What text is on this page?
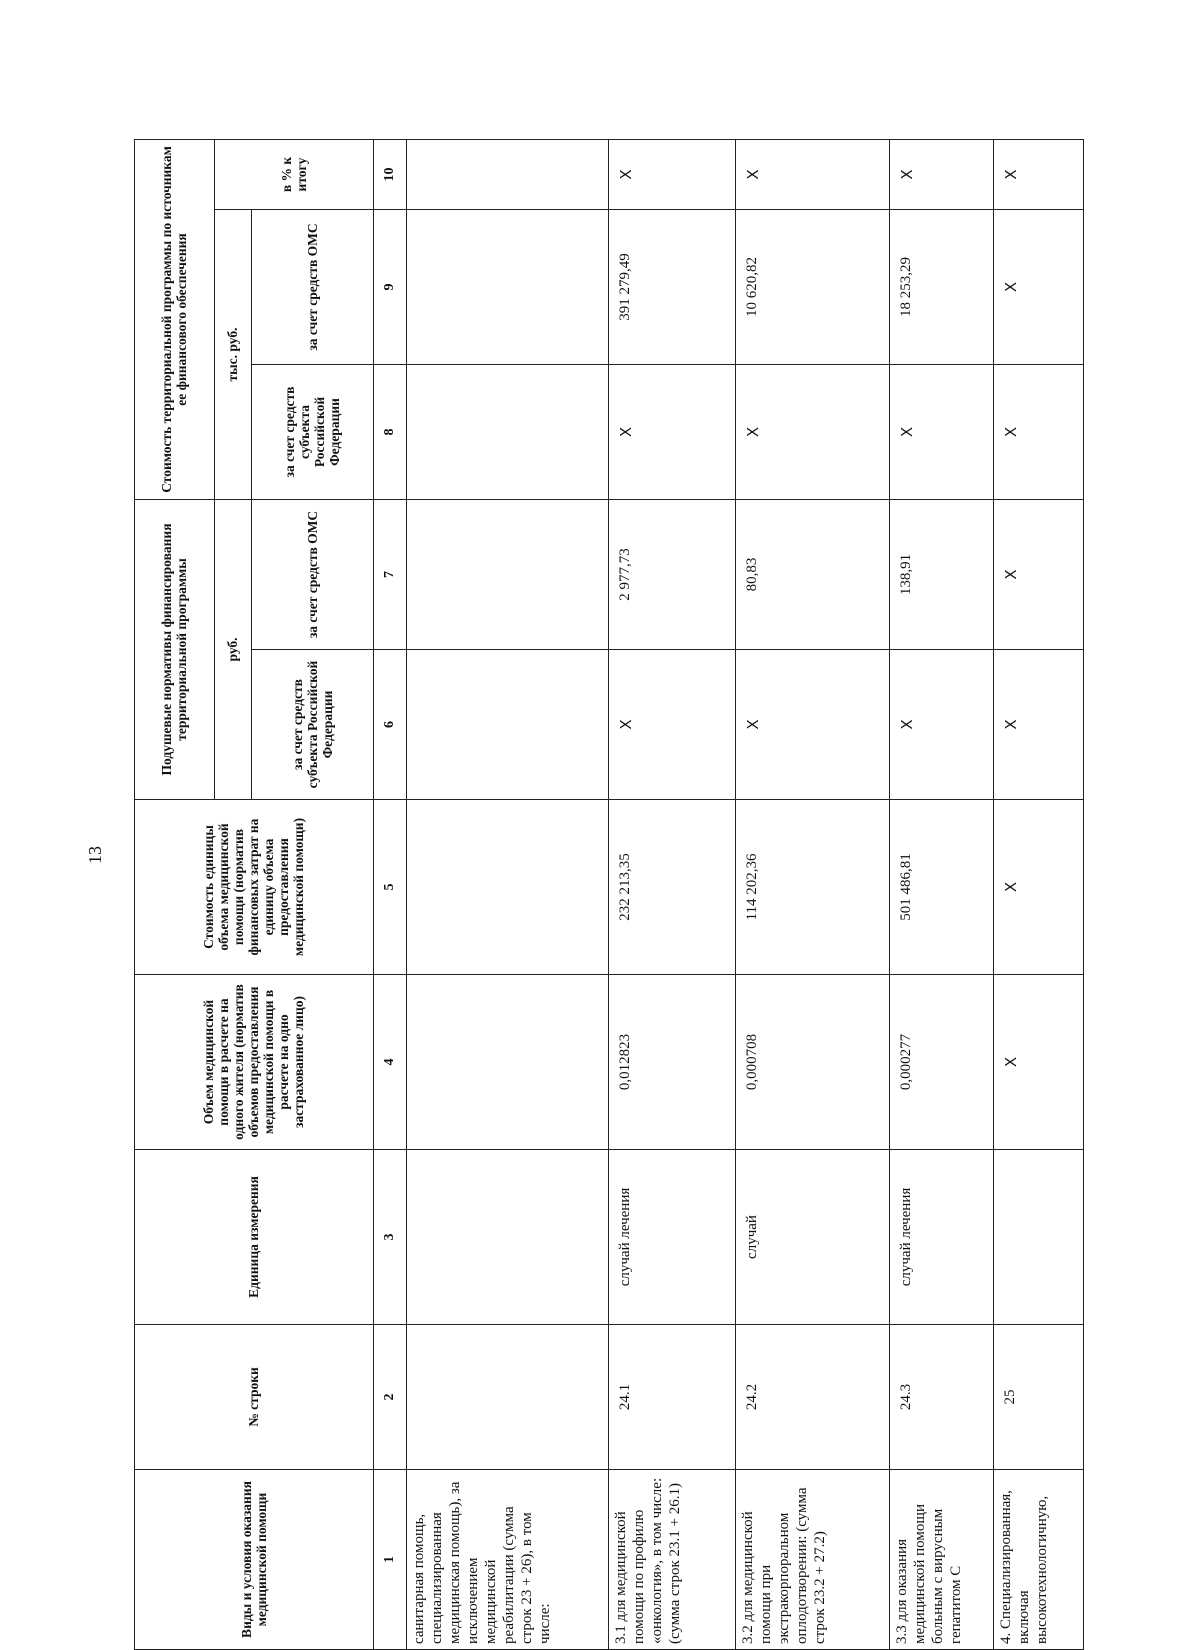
13
Виды и условия оказания медицинской помощи	№ строки	Единица измерения	Объем медицинской помощи в расчете на одного жителя (норматив объемов предоставления медицинской помощи в расчете на одно застрахованное лицо)	Стоимость единицы объема медицинской помощи (норматив финансовых затрат на единицу объема предоставления медицинской помощи)	Подушевые нормативы финансирования территориальной программы		Стоимость территориальной программы по источникам ее финансового обеспечения		
					руб.		тыс. руб.		в % к итогу
					за счет средств субъекта Российской Федерации	за счет средств ОМС	за счет средств субъекта Российской Федерации	за счет средств ОМС	
1	2	3	4	5	6	7	8	9	10
санитарная помощь, специализированная медицинская помощь), за исключением медицинской реабилитации (сумма строк 23 + 26), в том числе:									
3.1 для медицинской помощи по профилю «онкология», в том числе: (сумма строк 23.1 + 26.1)	24.1	случай лечения	0,012823	232 213,35	X	2 977,73	X	391 279,49	X
3.2 для медицинской помощи при экстракорпоральном оплодотворении: (сумма строк 23.2 + 27.2)	24.2	случай	0,000708	114 202,36	X	80,83	X	10 620,82	X
3.3 для оказания медицинской помощи больным с вирусным гепатитом С	24.3	случай лечения	0,000277	501 486,81	X	138,91	X	18 253,29	X
4. Специализированная, включая высокотехнологичную,	25		X	X	X	X	X	X	X
